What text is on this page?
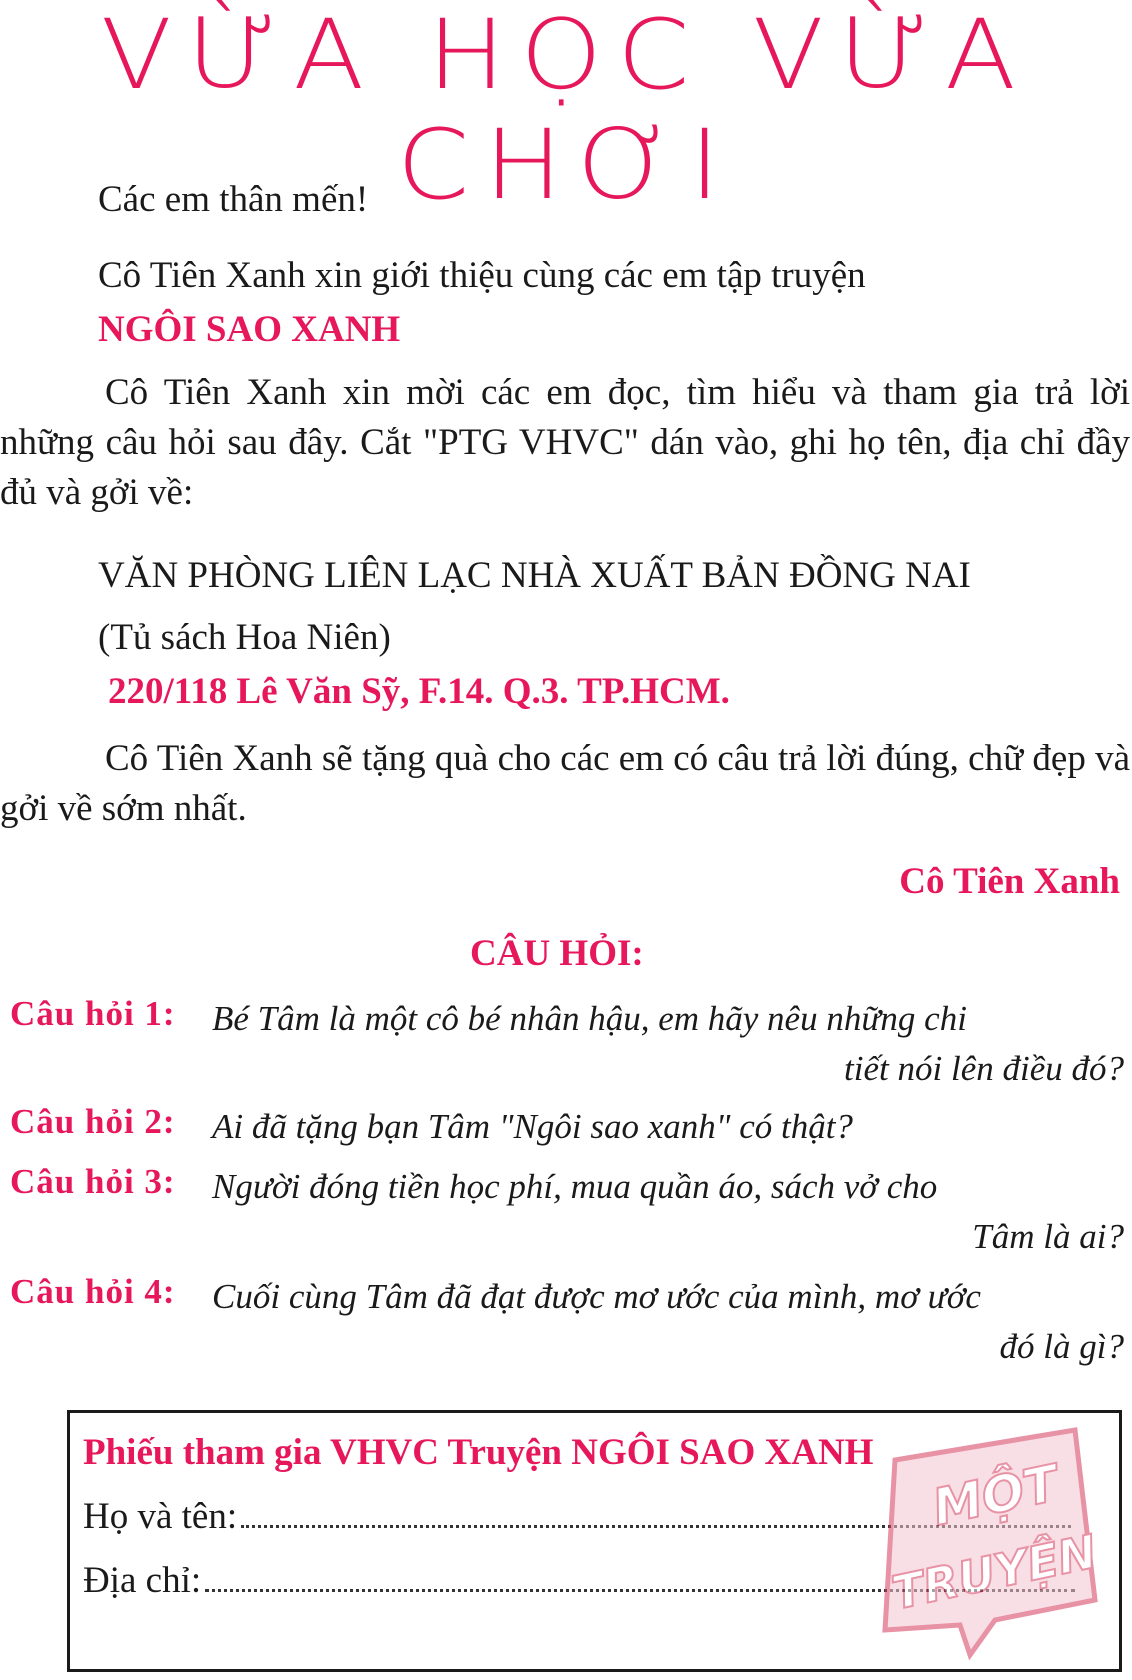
VỪA HỌC VỪA CHƠI
Các em thân mến!
Cô Tiên Xanh xin giới thiệu cùng các em tập truyện
NGÔI SAO XANH
Cô Tiên Xanh xin mời các em đọc, tìm hiểu và tham gia trả lời những câu hỏi sau đây. Cắt "PTG VHVC" dán vào, ghi họ tên, địa chỉ đầy đủ và gởi về:
VĂN PHÒNG LIÊN LẠC NHÀ XUẤT BẢN ĐỒNG NAI
(Tủ sách Hoa Niên)
220/118 Lê Văn Sỹ, F.14. Q.3. TP.HCM.
Cô Tiên Xanh sẽ tặng quà cho các em có câu trả lời đúng, chữ đẹp và gởi về sớm nhất.
Cô Tiên Xanh
CÂU HỎI:
Câu hỏi 1: Bé Tâm là một cô bé nhân hậu, em hãy nêu những chi
tiết nói lên điều đó?
Câu hỏi 2: Ai đã tặng bạn Tâm "Ngôi sao xanh" có thật?
Câu hỏi 3: Người đóng tiền học phí, mua quần áo, sách vở cho
Tâm là ai?
Câu hỏi 4: Cuối cùng Tâm đã đạt được mơ ước của mình, mơ ước
đó là gì?
Phiếu tham gia VHVC Truyện NGÔI SAO XANH
Họ và tên:
Địa chỉ:
MỘT
TRUYỆN
